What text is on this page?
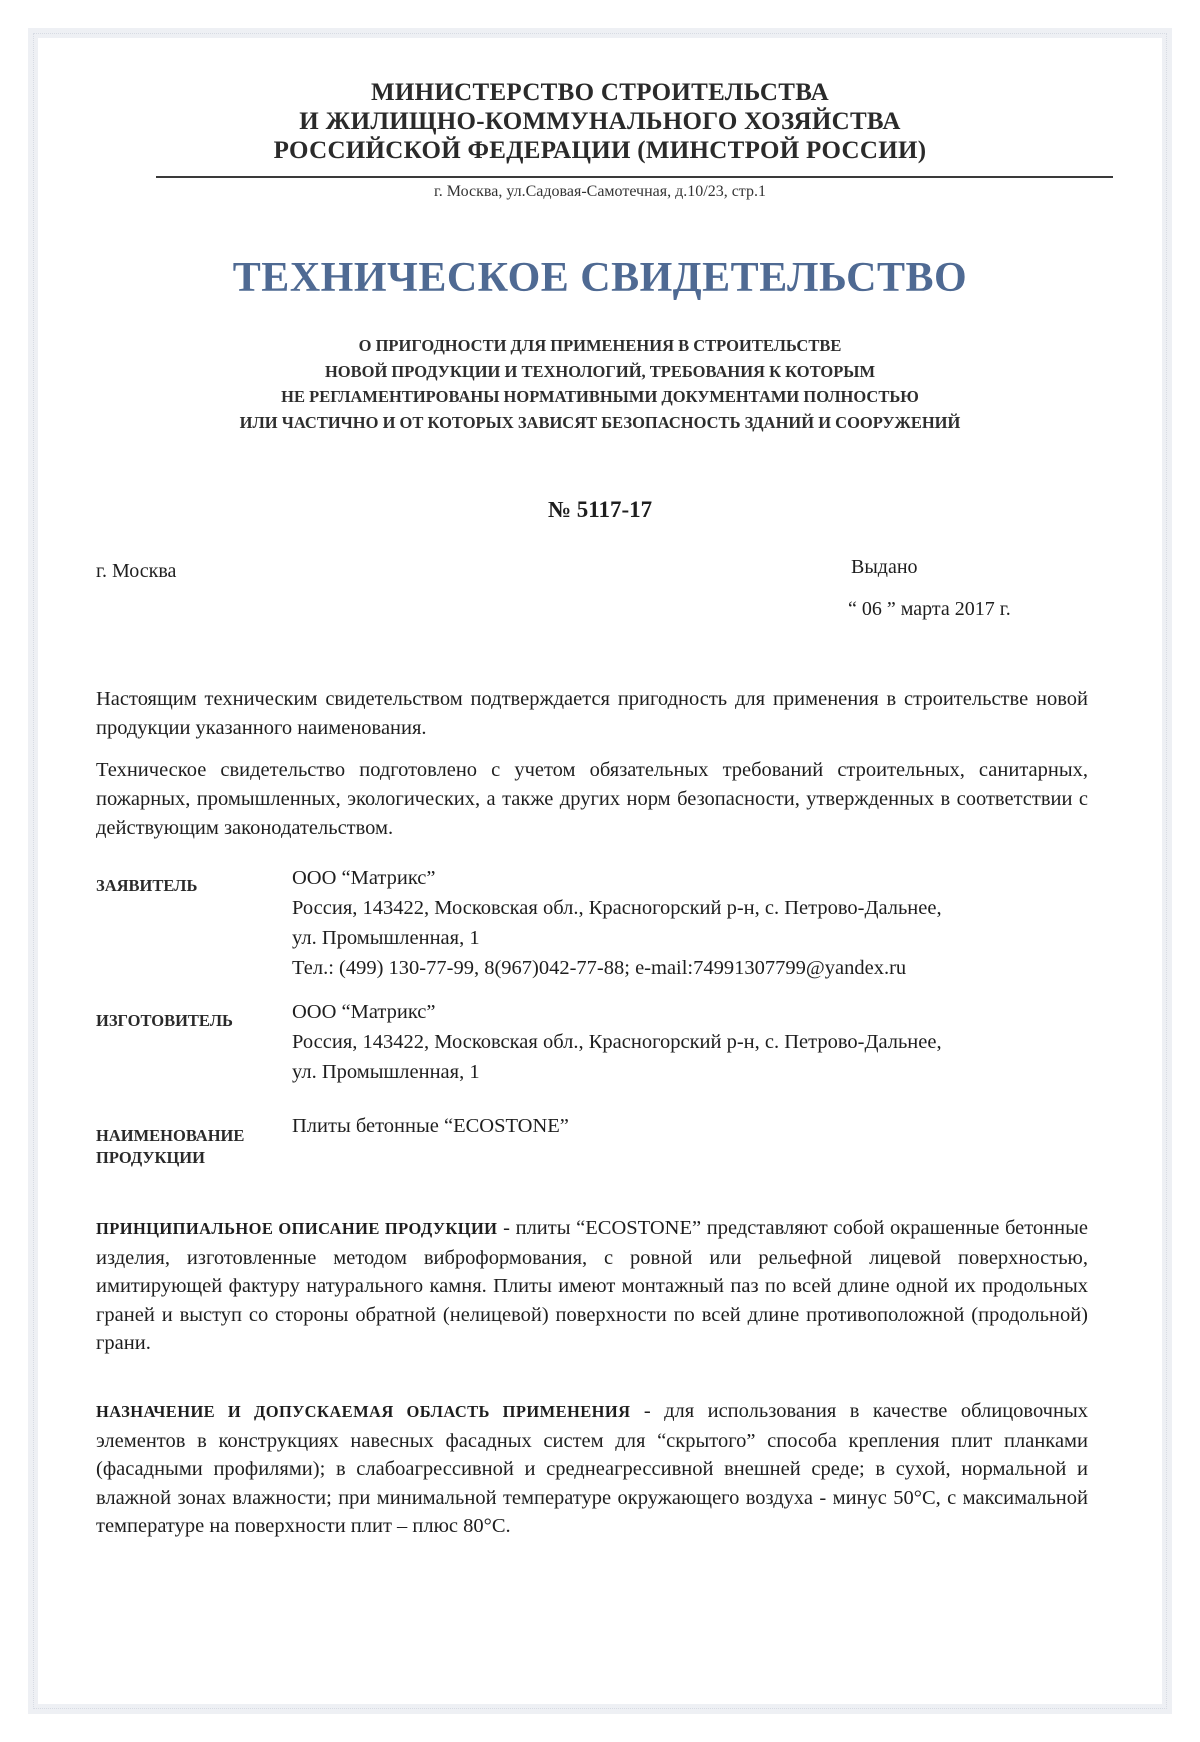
МИНИСТЕРСТВО СТРОИТЕЛЬСТВА
И ЖИЛИЩНО-КОММУНАЛЬНОГО ХОЗЯЙСТВА
РОССИЙСКОЙ ФЕДЕРАЦИИ (МИНСТРОЙ РОССИИ)
г. Москва, ул.Садовая-Самотечная, д.10/23, стр.1
ТЕХНИЧЕСКОЕ СВИДЕТЕЛЬСТВО
О ПРИГОДНОСТИ ДЛЯ ПРИМЕНЕНИЯ В СТРОИТЕЛЬСТВЕ
НОВОЙ ПРОДУКЦИИ И ТЕХНОЛОГИЙ, ТРЕБОВАНИЯ К КОТОРЫМ
НЕ РЕГЛАМЕНТИРОВАНЫ НОРМАТИВНЫМИ ДОКУМЕНТАМИ ПОЛНОСТЬЮ
ИЛИ ЧАСТИЧНО И ОТ КОТОРЫХ ЗАВИСЯТ БЕЗОПАСНОСТЬ ЗДАНИЙ И СООРУЖЕНИЙ
№ 5117-17
г. Москва	Выдано
“ 06 ” марта 2017 г.
Настоящим техническим свидетельством подтверждается пригодность для применения в строительстве новой продукции указанного наименования.
Техническое свидетельство подготовлено с учетом обязательных требований строительных, санитарных, пожарных, промышленных, экологических, а также других норм безопасности, утвержденных в соответствии с действующим законодательством.
ЗАЯВИТЕЛЬ	ООО “Матрикс”
Россия, 143422, Московская обл., Красногорский р-н, с. Петрово-Дальнее,
ул. Промышленная, 1
Тел.: (499) 130-77-99, 8(967)042-77-88; e-mail:74991307799@yandex.ru
ИЗГОТОВИТЕЛЬ	ООО “Матрикс”
Россия, 143422, Московская обл., Красногорский р-н, с. Петрово-Дальнее,
ул. Промышленная, 1
НАИМЕНОВАНИЕ
ПРОДУКЦИИ
Плиты бетонные “ECOSTONE”
ПРИНЦИПИАЛЬНОЕ ОПИСАНИЕ ПРОДУКЦИИ - плиты “ECOSTONE” представляют собой окрашенные бетонные изделия, изготовленные методом виброформования, с ровной или рельефной лицевой поверхностью, имитирующей фактуру натурального камня. Плиты имеют монтажный паз по всей длине одной их продольных граней и выступ со стороны обратной (нелицевой) поверхности по всей длине противоположной (продольной) грани.
НАЗНАЧЕНИЕ И ДОПУСКАЕМАЯ ОБЛАСТЬ ПРИМЕНЕНИЯ - для использования в качестве облицовочных элементов в конструкциях навесных фасадных систем для “скрытого” способа крепления плит планками (фасадными профилями); в слабоагрессивной и среднеагрессивной внешней среде; в сухой, нормальной и влажной зонах влажности; при минимальной температуре окружающего воздуха - минус 50°C, с максимальной температуре на поверхности плит – плюс 80°C.
